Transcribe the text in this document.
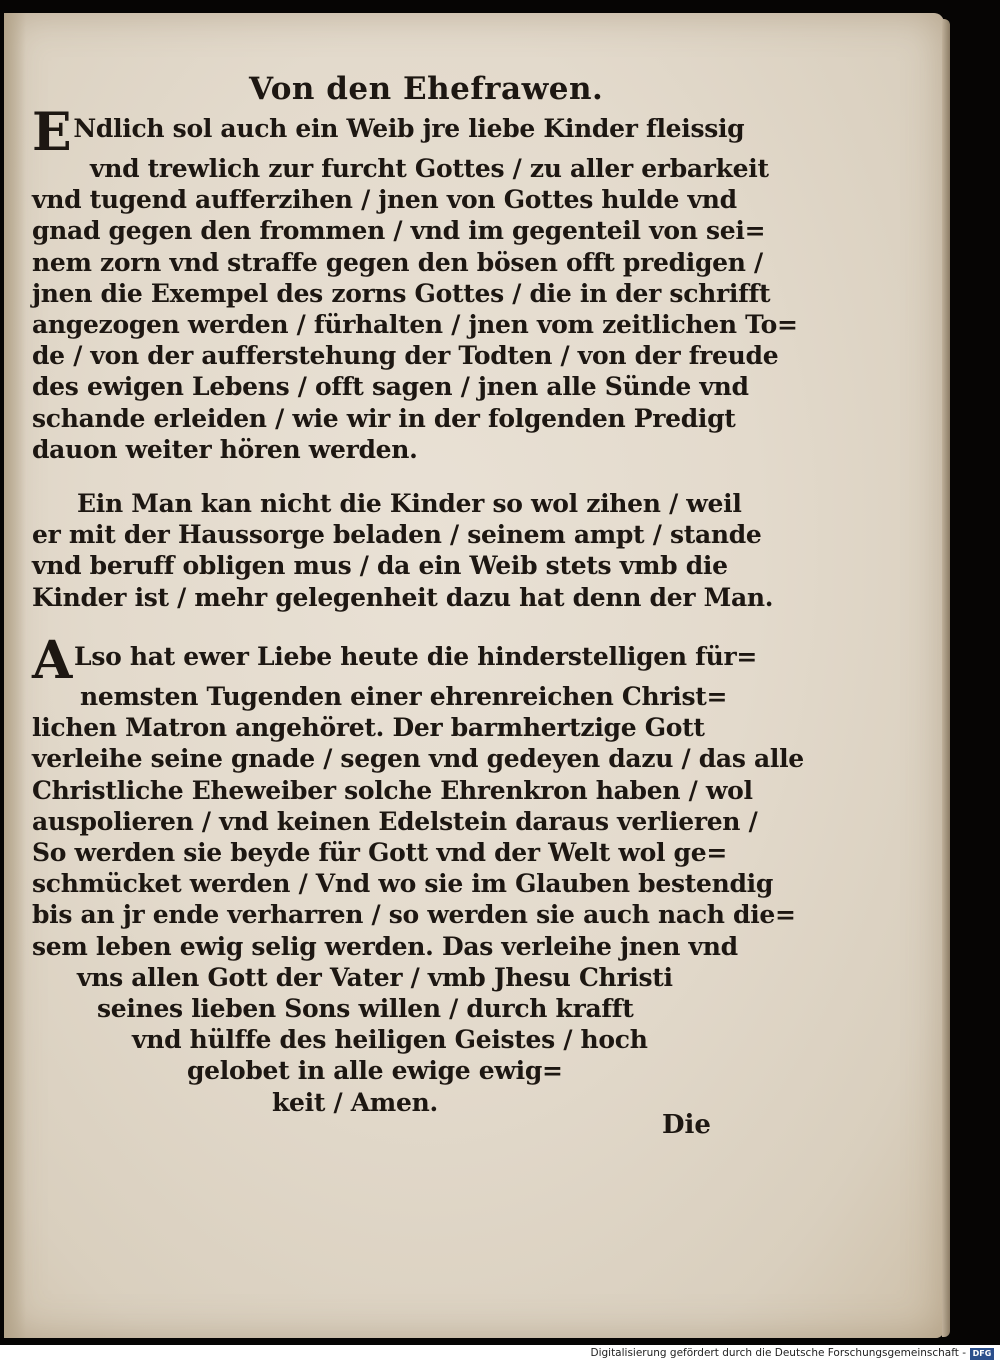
Von den Ehefrawen.
ENdlich sol auch ein Weib jre liebe Kinder fleissig
vnd trewlich zur furcht Gottes / zu aller erbarkeit
vnd tugend aufferzihen / jnen von Gottes hulde vnd
gnad gegen den frommen / vnd im gegenteil von sei=
nem zorn vnd straffe gegen den bösen offt predigen /
jnen die Exempel des zorns Gottes / die in der schrifft
angezogen werden / fürhalten / jnen vom zeitlichen To=
de / von der aufferstehung der Todten / von der freude
des ewigen Lebens / offt sagen / jnen alle Sünde vnd
schande erleiden / wie wir in der folgenden Predigt
dauon weiter hören werden.
Ein Man kan nicht die Kinder so wol zihen / weil
er mit der Haussorge beladen / seinem ampt / stande
vnd beruff obligen mus / da ein Weib stets vmb die
Kinder ist / mehr gelegenheit dazu hat denn der Man.
ALso hat ewer Liebe heute die hinderstelligen für=
nemsten Tugenden einer ehrenreichen Christ=
lichen Matron angehöret. Der barmhertzige Gott
verleihe seine gnade / segen vnd gedeyen dazu / das alle
Christliche Eheweiber solche Ehrenkron haben / wol
auspolieren / vnd keinen Edelstein daraus verlieren /
So werden sie beyde für Gott vnd der Welt wol ge=
schmücket werden / Vnd wo sie im Glauben bestendig
bis an jr ende verharren / so werden sie auch nach die=
sem leben ewig selig werden. Das verleihe jnen vnd
vns allen Gott der Vater / vmb Jhesu Christi
seines lieben Sons willen / durch krafft
vnd hülffe des heiligen Geistes / hoch
gelobet in alle ewige ewig=
keit / Amen.
Die
Digitalisierung gefördert durch die Deutsche Forschungsgemeinschaft - DFG
